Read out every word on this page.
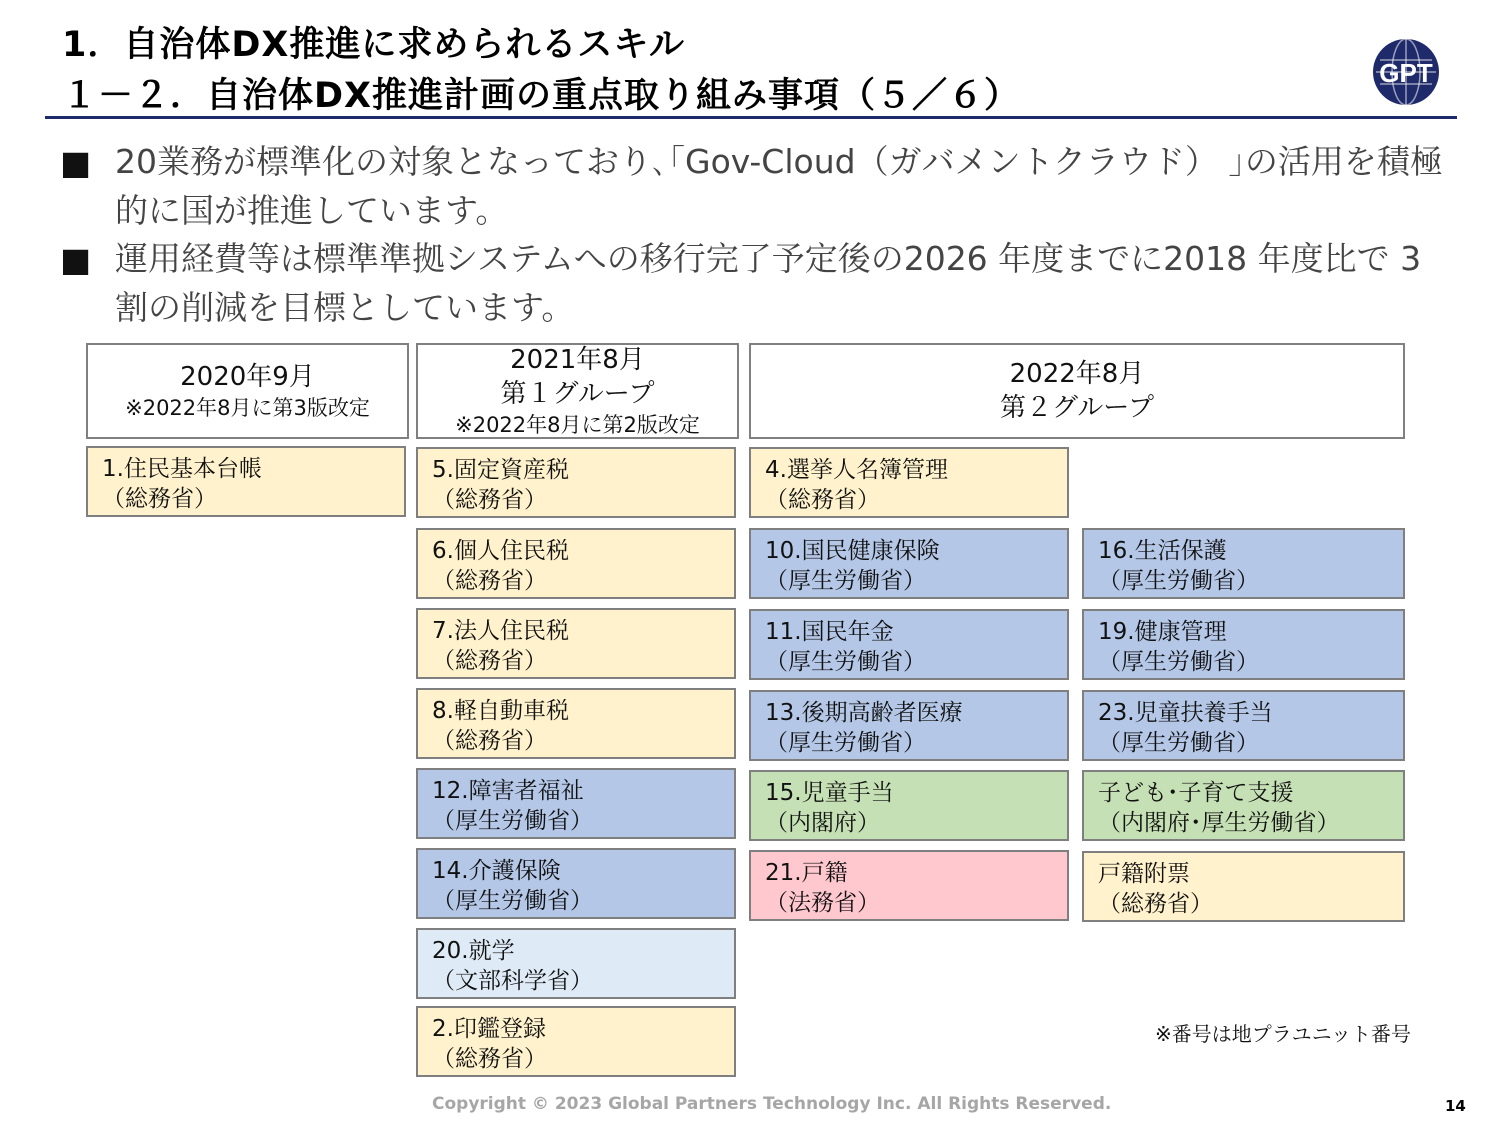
1．自治体DX推進に求められるスキル
１－２．自治体DX推進計画の重点取り組み事項（５／６）
GPT
■ 20業務が標準化の対象となっており､｢Gov-Cloud（ガバメントクラウド） ｣の活用を積極的に国が推進しています。
■ 運用経費等は標準準拠システムへの移行完了予定後の2026 年度までに2018 年度比で 3 割の削減を目標としています。
2020年9月
※2022年8月に第3版改定
2021年8月
第１グループ
※2022年8月に第2版改定
2022年8月
第２グループ
1.住民基本台帳
（総務省）
5.固定資産税
（総務省）
6.個人住民税
（総務省）
7.法人住民税
（総務省）
8.軽自動車税
（総務省）
12.障害者福祉
（厚生労働省）
14.介護保険
（厚生労働省）
20.就学
（文部科学省）
2.印鑑登録
（総務省）
4.選挙人名簿管理
（総務省）
10.国民健康保険
（厚生労働省）
11.国民年金
（厚生労働省）
13.後期高齢者医療
（厚生労働省）
15.児童手当
（内閣府）
21.戸籍
（法務省）
16.生活保護
（厚生労働省）
19.健康管理
（厚生労働省）
23.児童扶養手当
（厚生労働省）
子ども･子育て支援
（内閣府･厚生労働省）
戸籍附票
（総務省）
※番号は地プラユニット番号
Copyright © 2023 Global Partners Technology Inc. All Rights Reserved.	14
